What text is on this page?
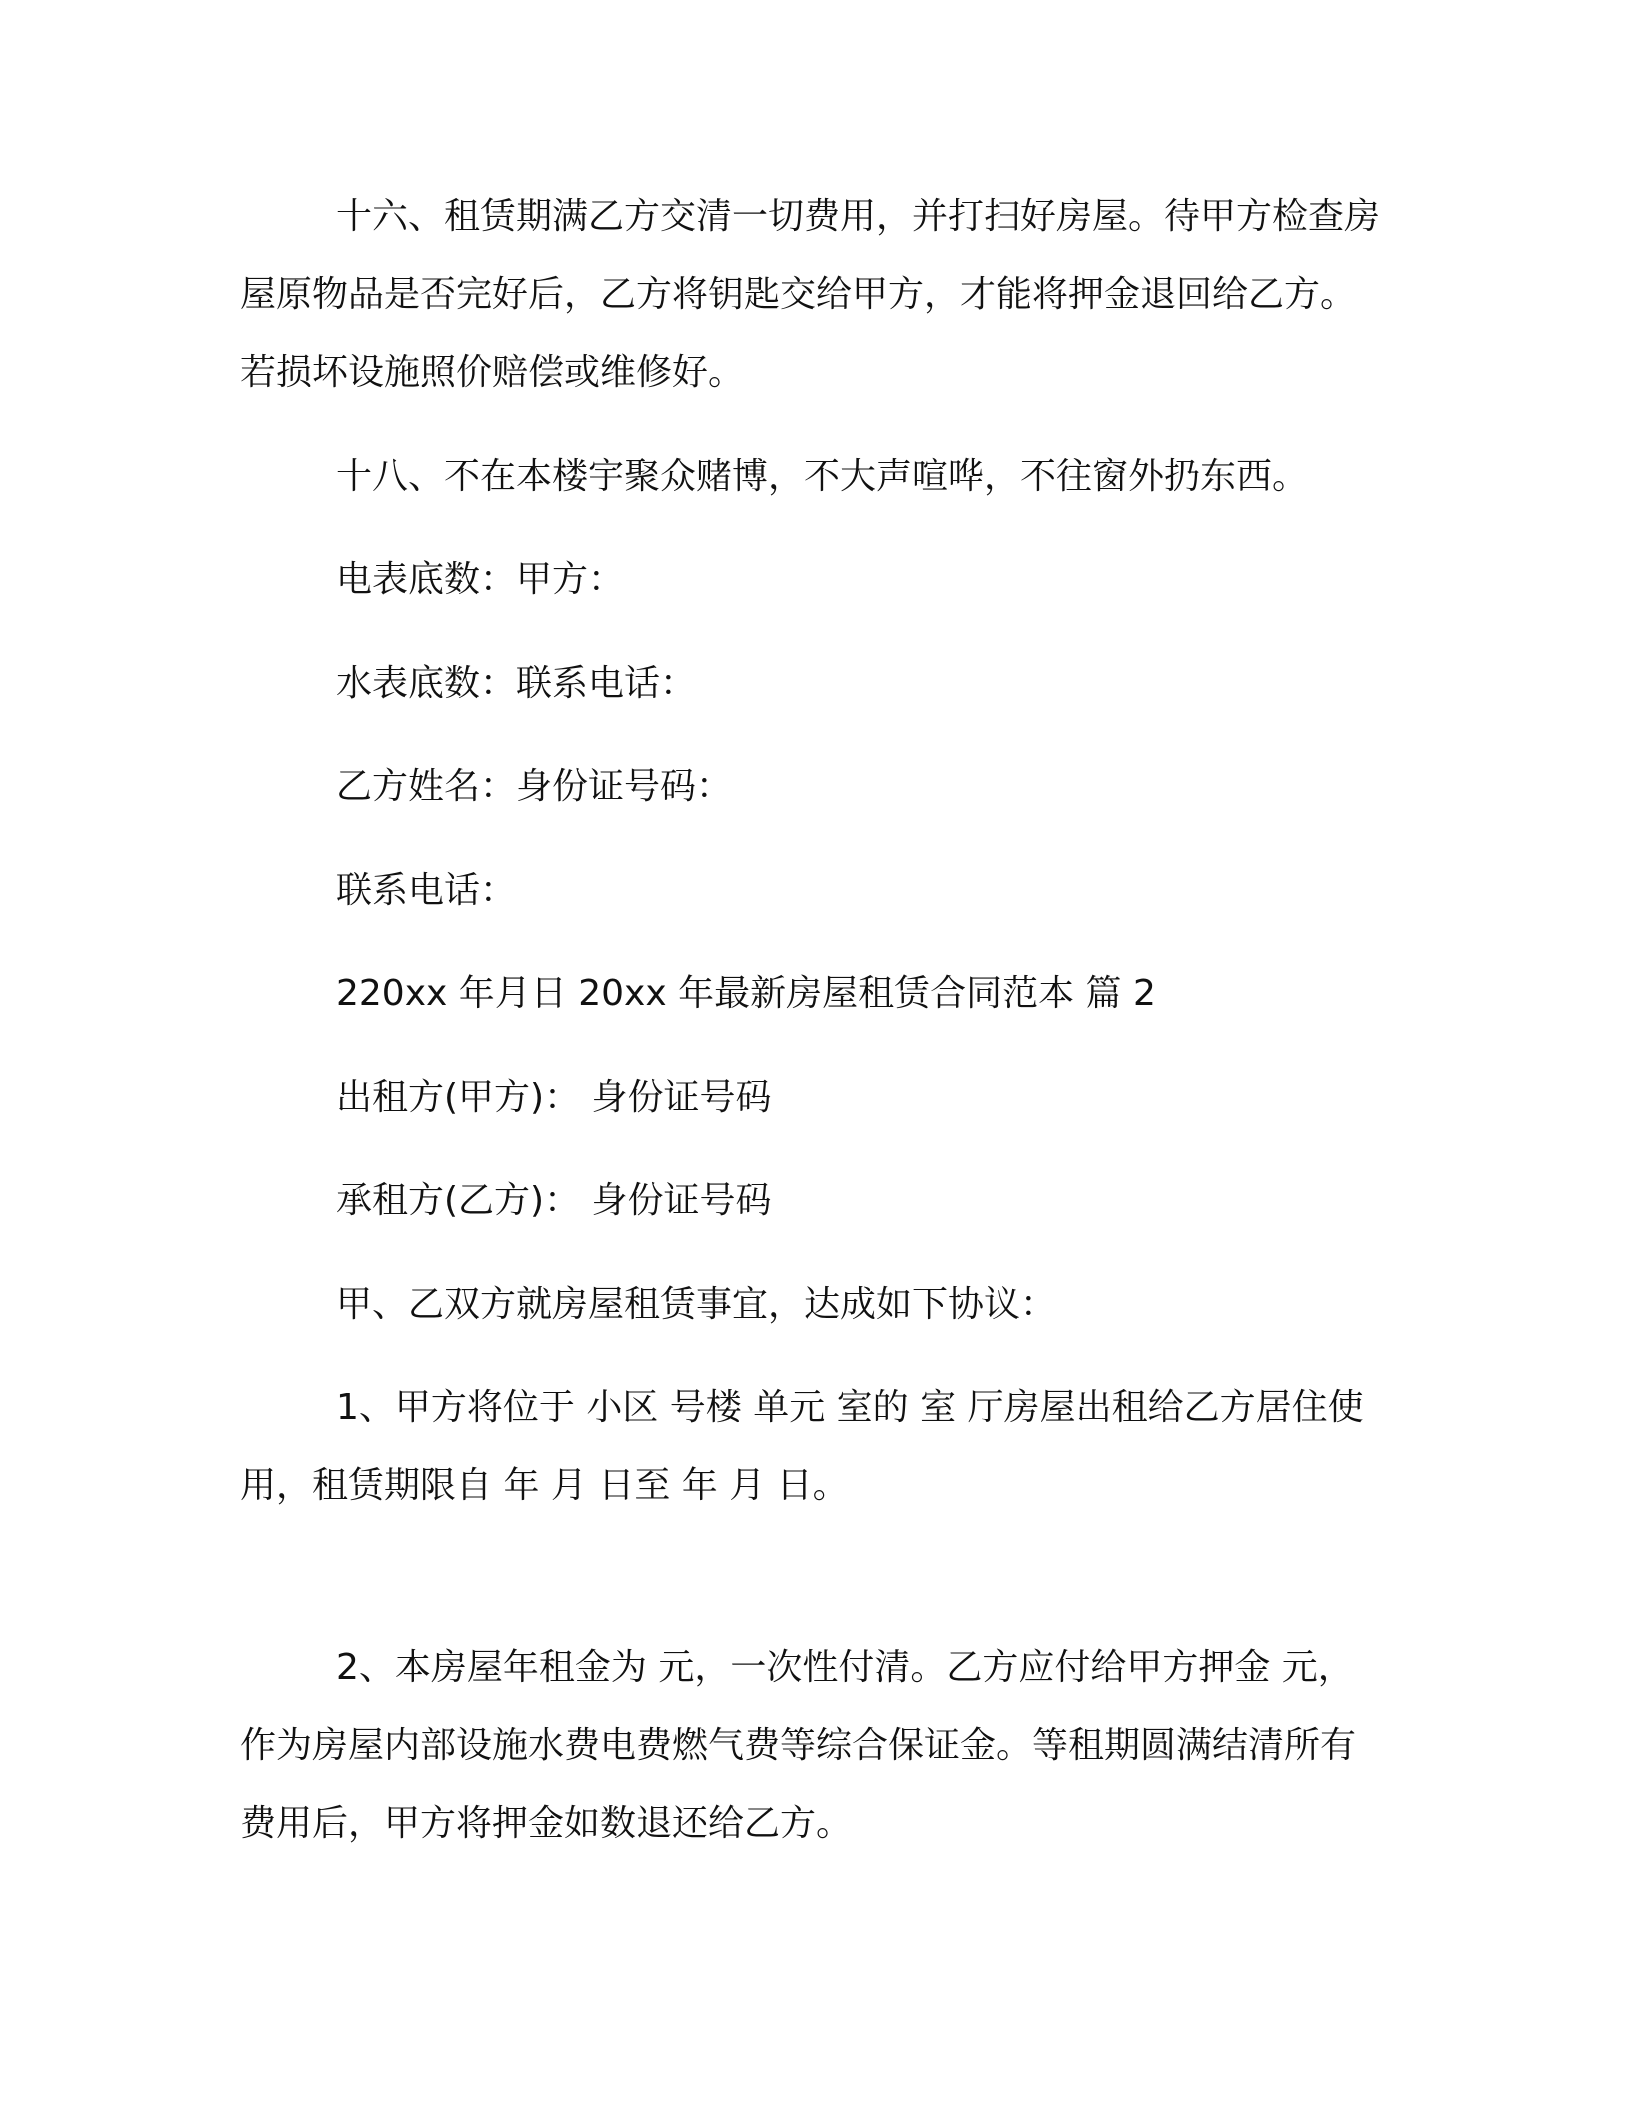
十六、租赁期满乙方交清一切费用，并打扫好房屋。待甲方检查房屋原物品是否完好后，乙方将钥匙交给甲方，才能将押金退回给乙方。若损坏设施照价赔偿或维修好。

十八、不在本楼宇聚众赌博，不大声喧哗，不往窗外扔东西。

电表底数：甲方：

水表底数：联系电话：

乙方姓名：身份证号码：

联系电话：

220xx 年月日 20xx 年最新房屋租赁合同范本 篇 2

出租方(甲方)： 身份证号码

承租方(乙方)： 身份证号码

甲、乙双方就房屋租赁事宜，达成如下协议：

1、甲方将位于 小区 号楼 单元 室的 室 厅房屋出租给乙方居住使用，租赁期限自 年 月 日至 年 月 日。

2、本房屋年租金为 元，一次性付清。乙方应付给甲方押金 元，作为房屋内部设施水费电费燃气费等综合保证金。等租期圆满结清所有费用后，甲方将押金如数退还给乙方。
